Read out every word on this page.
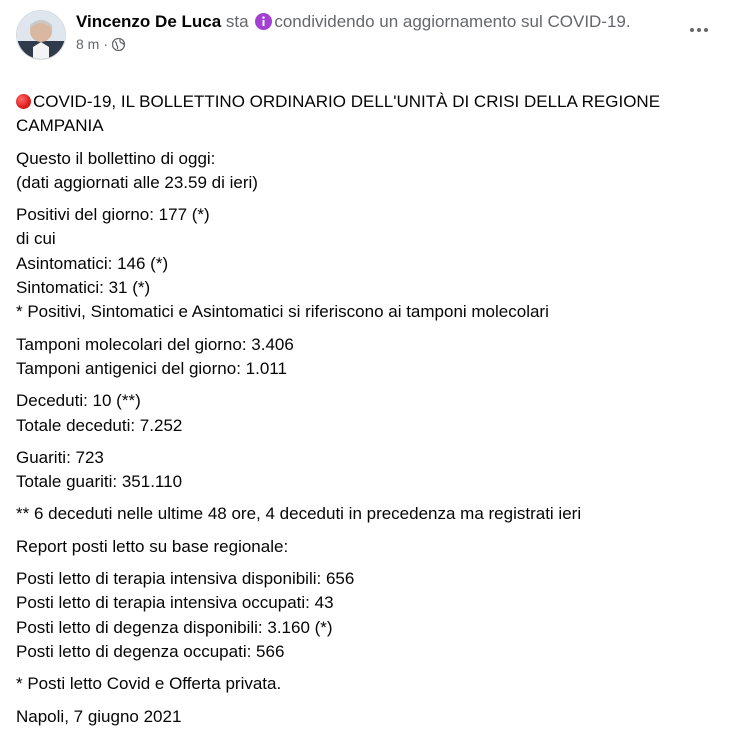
Vincenzo De Luca sta condividendo un aggiornamento sul COVID-19.
8 m ·
COVID-19, IL BOLLETTINO ORDINARIO DELL'UNITÀ DI CRISI DELLA REGIONE CAMPANIA
Questo il bollettino di oggi:
(dati aggiornati alle 23.59 di ieri)
Positivi del giorno: 177 (*)
di cui
Asintomatici: 146 (*)
Sintomatici: 31 (*)
* Positivi, Sintomatici e Asintomatici si riferiscono ai tamponi molecolari
Tamponi molecolari del giorno: 3.406
Tamponi antigenici del giorno: 1.011
Deceduti: 10 (**)
Totale deceduti: 7.252
Guariti: 723
Totale guariti: 351.110
** 6 deceduti nelle ultime 48 ore, 4 deceduti in precedenza ma registrati ieri
Report posti letto su base regionale:
Posti letto di terapia intensiva disponibili: 656
Posti letto di terapia intensiva occupati: 43
Posti letto di degenza disponibili: 3.160 (*)
Posti letto di degenza occupati: 566
* Posti letto Covid e Offerta privata.
Napoli, 7 giugno 2021
